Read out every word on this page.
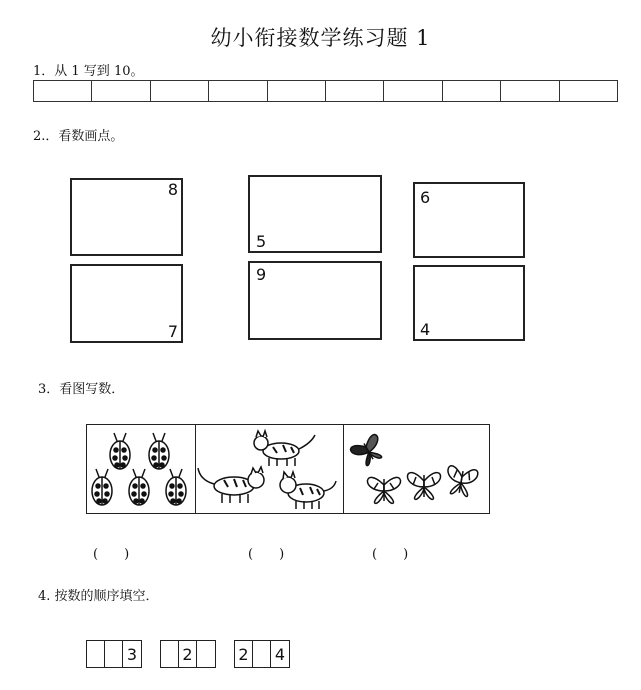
幼小衔接数学练习题 1
1．从 1 写到 10。
2.．看数画点。
8
7
5
9
6
4
3．看图写数．
(　　)	(　　)	(　　)
4. 按数的顺序填空．
3	2	2 4
